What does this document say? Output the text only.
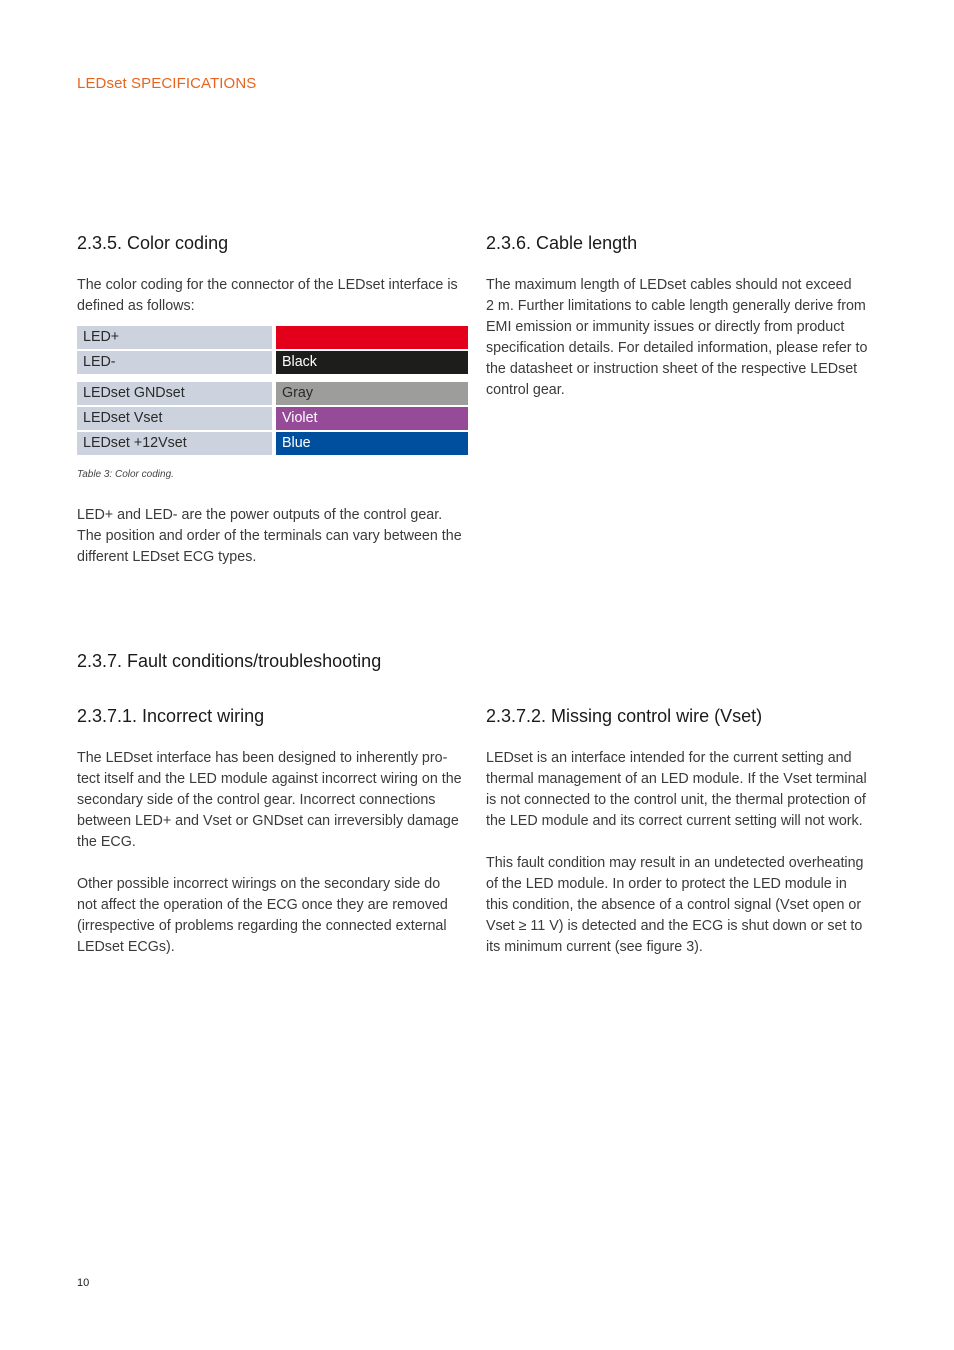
LEDset SPECIFICATIONS
2.3.5. Color coding

The color coding for the connector of the LEDset interface is
defined as follows:

LED+	Red
LED-	Black
LEDset GNDset	Gray
LEDset Vset	Violet
LEDset +12Vset	Blue
Table 3: Color coding.

LED+ and LED- are the power outputs of the control gear.
The position and order of the terminals can vary between the
different LEDset ECG types.

2.3.6. Cable length

The maximum length of LEDset cables should not exceed
2 m. Further limitations to cable length generally derive from
EMI emission or immunity issues or directly from product
specification details. For detailed information, please refer to
the datasheet or instruction sheet of the respective LEDset
control gear.

2.3.7. Fault conditions/troubleshooting
2.3.7.1. Incorrect wiring

The LEDset interface has been designed to inherently pro-
tect itself and the LED module against incorrect wiring on the
secondary side of the control gear. Incorrect connections
between LED+ and Vset or GNDset can irreversibly damage
the ECG.

Other possible incorrect wirings on the secondary side do
not affect the operation of the ECG once they are removed
(irrespective of problems regarding the connected external
LEDset ECGs).

2.3.7.2. Missing control wire (Vset)

LEDset is an interface intended for the current setting and
thermal management of an LED module. If the Vset terminal
is not connected to the control unit, the thermal protection of
the LED module and its correct current setting will not work.

This fault condition may result in an undetected overheating
of the LED module. In order to protect the LED module in
this condition, the absence of a control signal (Vset open or
Vset ≥ 11 V) is detected and the ECG is shut down or set to
its minimum current (see figure 3).

10
